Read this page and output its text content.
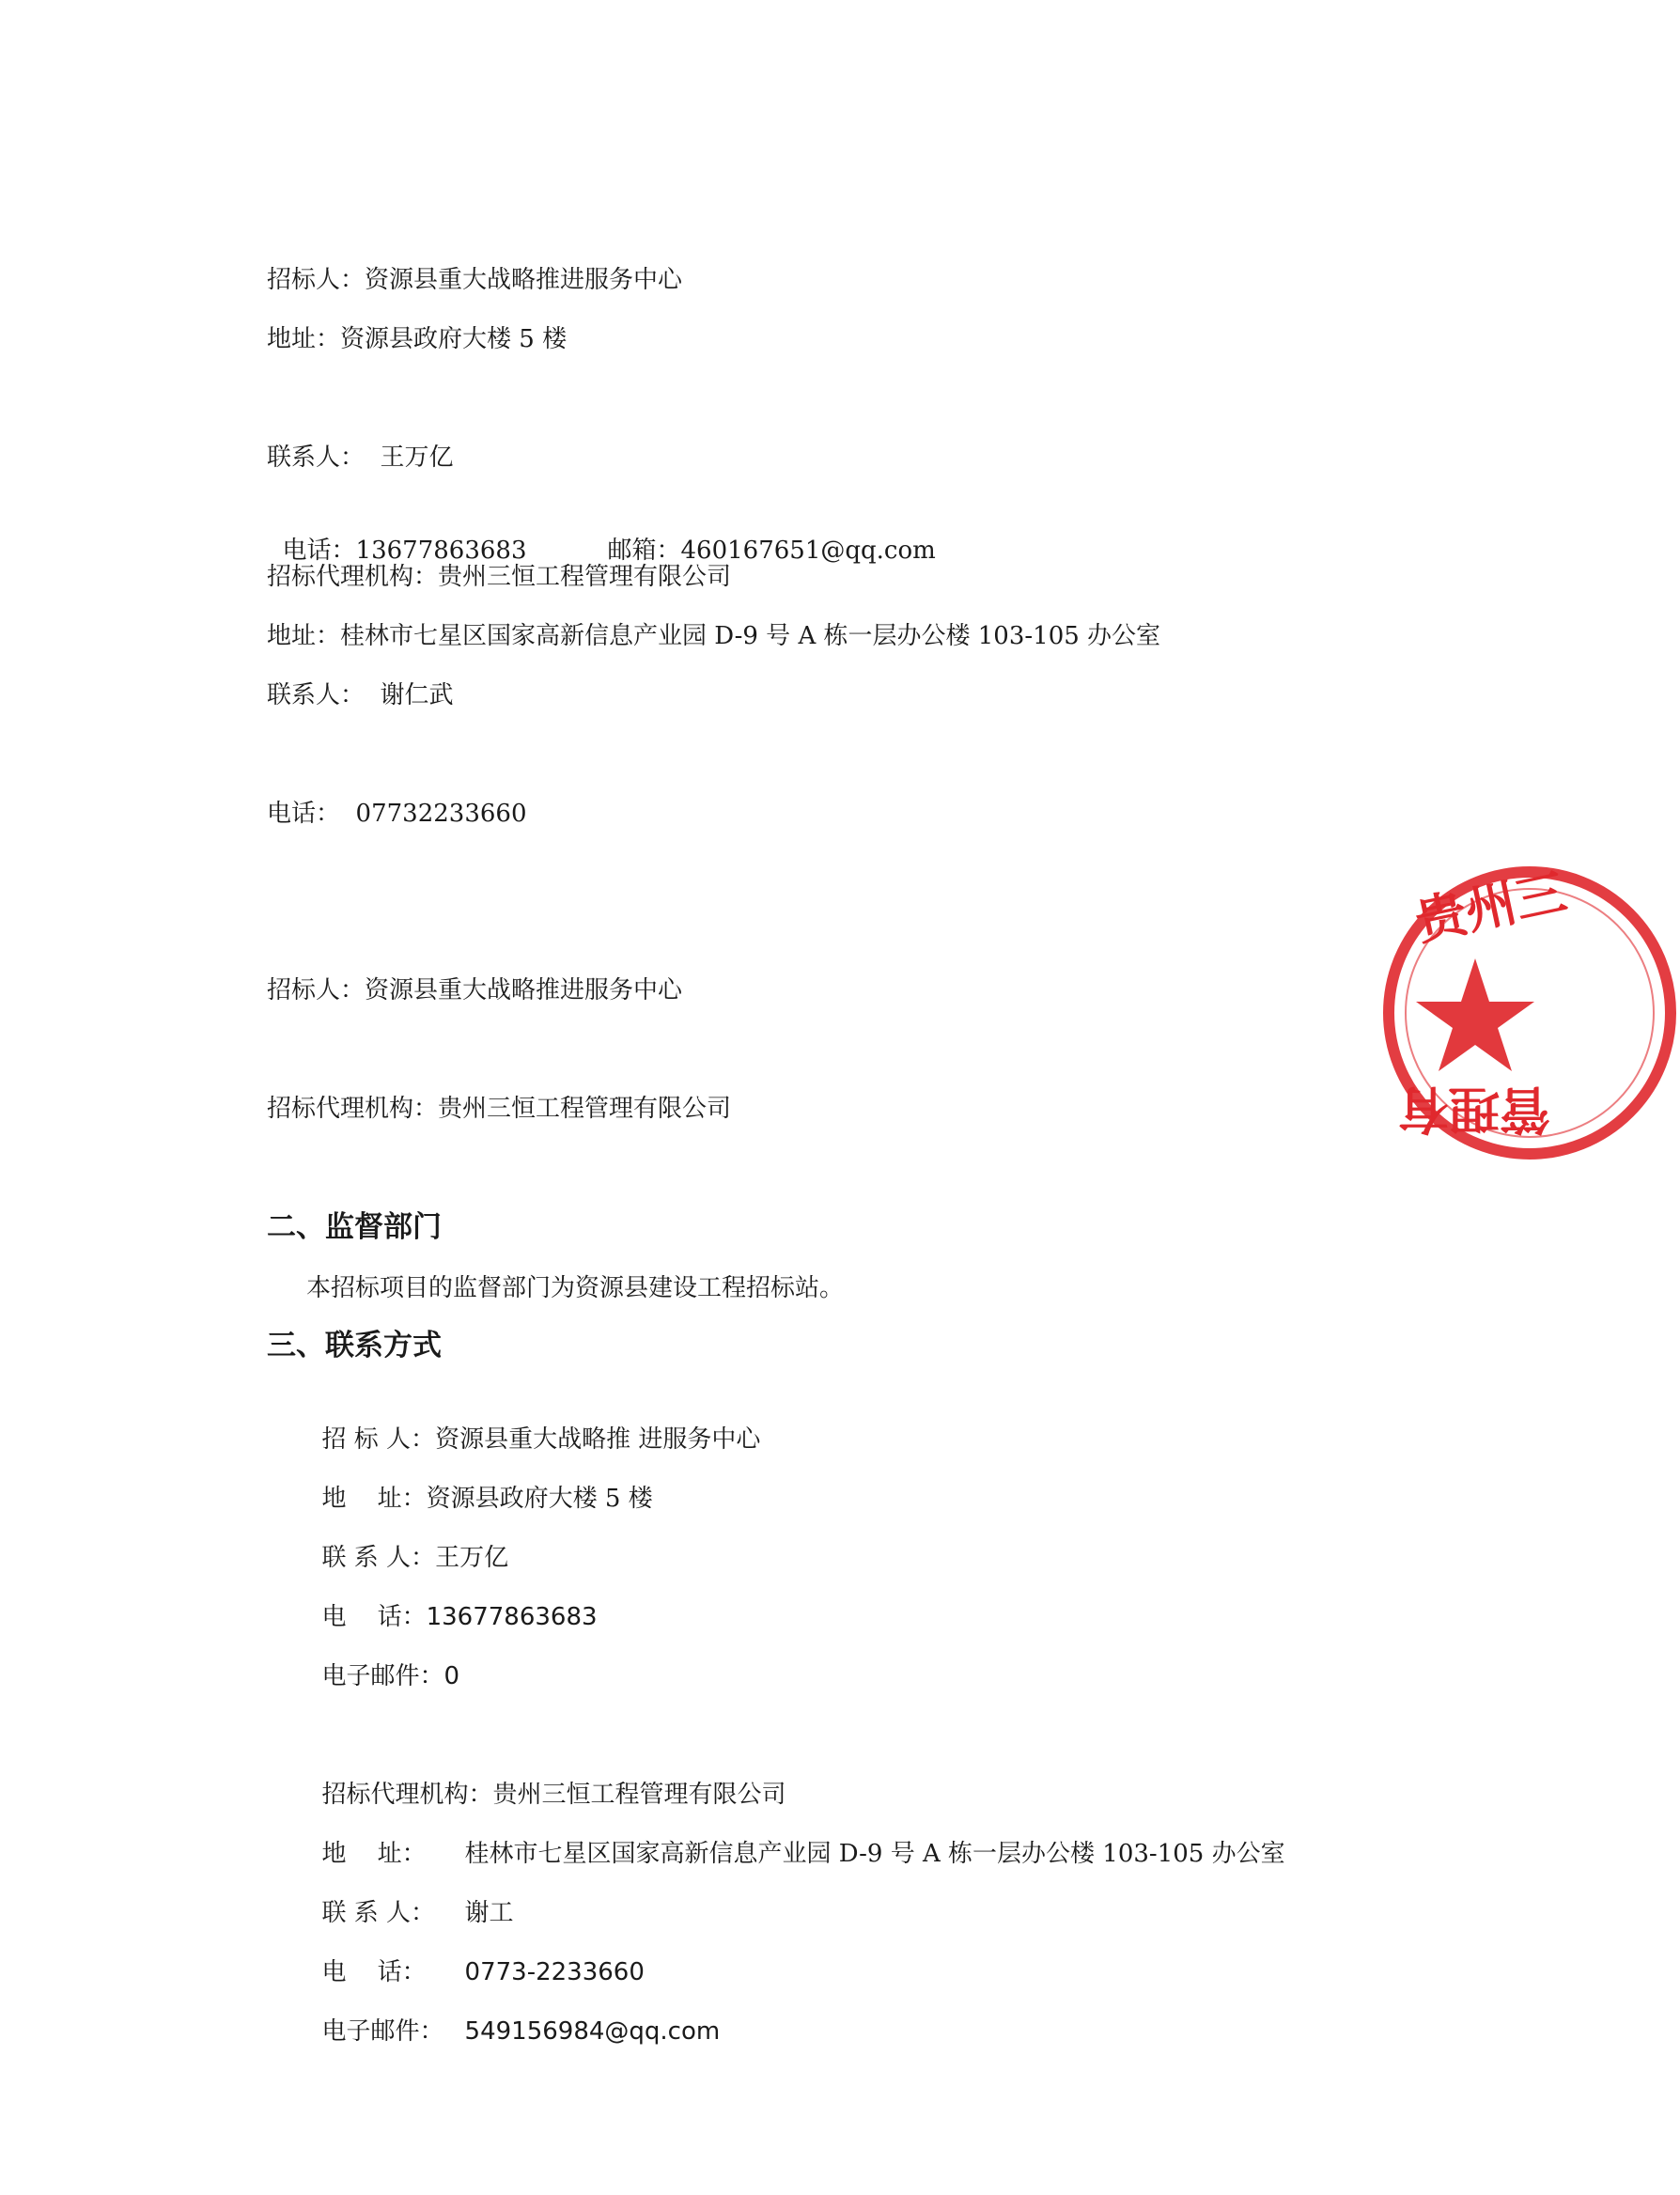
招标人：资源县重大战略推进服务中心
地址：资源县政府大楼 5 楼
联系人：  王万亿

电话：13677863683	邮箱：460167651@qq.com

招标代理机构：贵州三恒工程管理有限公司
地址：桂林市七星区国家高新信息产业园 D-9 号 A 栋一层办公楼 103-105 办公室
联系人：  谢仁武
电话：  07732233660
招标人：资源县重大战略推进服务中心
招标代理机构：贵州三恒工程管理有限公司
二、监督部门
本招标项目的监督部门为资源县建设工程招标站。
三、联系方式

招 标 人：资源县重大战略推 进服务中心

地    址：资源县政府大楼 5 楼

联 系 人：王万亿

电    话：13677863683

电子邮件：0

招标代理机构：贵州三恒工程管理有限公司

地    址： 桂林市七星区国家高新信息产业园 D-9 号 A 栋一层办公楼 103-105 办公室

联 系 人： 谢工

电    话： 0773-2233660

电子邮件： 549156984@qq.com

贵州三
管理有
